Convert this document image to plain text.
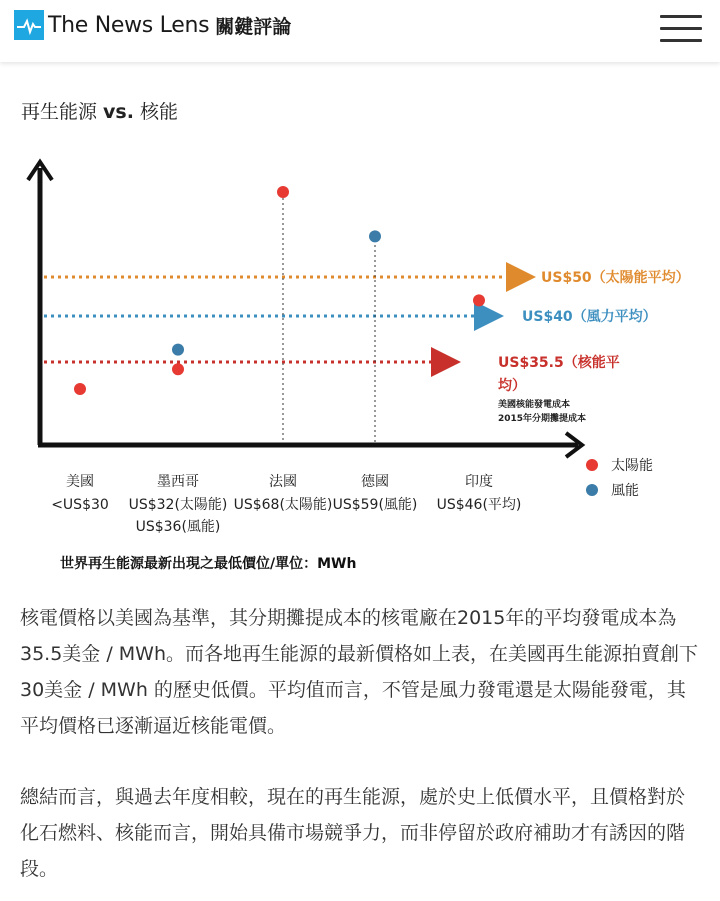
The News Lens 關鍵評論
再生能源 vs. 核能
US$50（太陽能平均）
US$40（風力平均）
US$35.5（核能平
均）
美國核能發電成本
2015年分期攤提成本
美國
<US$30
墨西哥
US$32(太陽能)
US$36(風能)
法國
US$68(太陽能)
德國
US$59(風能)
印度
US$46(平均)
太陽能
風能
世界再生能源最新出現之最低價位/單位：MWh

核電價格以美國為基準，其分期攤提成本的核電廠在2015年的平均發電成本為35.5美金 / MWh。而各地再生能源的最新價格如上表，在美國再生能源拍賣創下30美金 / MWh 的歷史低價。平均值而言，不管是風力發電還是太陽能發電，其平均價格已逐漸逼近核能電價。

總結而言，與過去年度相較，現在的再生能源，處於史上低價水平，且價格對於化石燃料、核能而言，開始具備市場競爭力，而非停留於政府補助才有誘因的階段。
